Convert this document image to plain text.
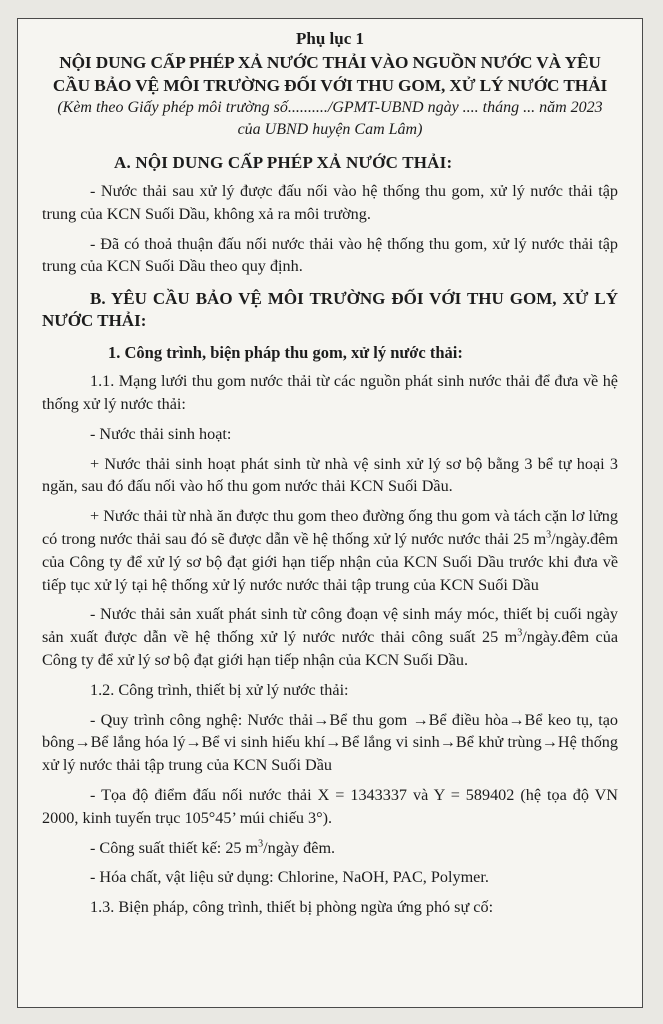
Phụ lục 1
NỘI DUNG CẤP PHÉP XẢ NƯỚC THẢI VÀO NGUỒN NƯỚC VÀ YÊU CẦU BẢO VỆ MÔI TRƯỜNG ĐỐI VỚI THU GOM, XỬ LÝ NƯỚC THẢI
(Kèm theo Giấy phép môi trường số........../GPMT-UBND ngày .... tháng ... năm 2023
của UBND huyện Cam Lâm)
A. NỘI DUNG CẤP PHÉP XẢ NƯỚC THẢI:

- Nước thải sau xử lý được đấu nối vào hệ thống thu gom, xử lý nước thải tập trung của KCN Suối Dầu, không xả ra môi trường.

- Đã có thoả thuận đấu nối nước thải vào hệ thống thu gom, xử lý nước thải tập trung của KCN Suối Dầu theo quy định.

B. YÊU CẦU BẢO VỆ MÔI TRƯỜNG ĐỐI VỚI THU GOM, XỬ LÝ NƯỚC THẢI:
1. Công trình, biện pháp thu gom, xử lý nước thải:

1.1. Mạng lưới thu gom nước thải từ các nguồn phát sinh nước thải để đưa về hệ thống xử lý nước thải:

- Nước thải sinh hoạt:

+ Nước thải sinh hoạt phát sinh từ nhà vệ sinh xử lý sơ bộ bằng 3 bể tự hoại 3 ngăn, sau đó đấu nối vào hố thu gom nước thải KCN Suối Dầu.

+ Nước thải từ nhà ăn được thu gom theo đường ống thu gom và tách cặn lơ lửng có trong nước thải sau đó sẽ được dẫn về hệ thống xử lý nước nước thải 25 $m^3/ngày.đêm$ của Công ty để xử lý sơ bộ đạt giới hạn tiếp nhận của KCN Suối Dầu trước khi đưa về tiếp tục xử lý tại hệ thống xử lý nước nước thải tập trung của KCN Suối Dầu

- Nước thải sản xuất phát sinh từ công đoạn vệ sinh máy móc, thiết bị cuối ngày sản xuất được dẫn về hệ thống xử lý nước nước thải công suất 25 $m^3/ngày.đêm$ của Công ty để xử lý sơ bộ đạt giới hạn tiếp nhận của KCN Suối Dầu.

1.2. Công trình, thiết bị xử lý nước thải:

- Quy trình công nghệ: Nước thải→Bể thu gom →Bể điều hòa→Bể keo tụ, tạo bông→Bể lắng hóa lý→Bể vi sinh hiếu khí→Bể lắng vi sinh→Bể khử trùng→Hệ thống xử lý nước thải tập trung của KCN Suối Dầu

- Tọa độ điểm đấu nối nước thải X = 1343337 và Y = 589402 (hệ tọa độ VN 2000, kinh tuyến trục 105°45’ múi chiếu 3°).

- Công suất thiết kế: 25 $m^3$/ngày đêm.

- Hóa chất, vật liệu sử dụng: Chlorine, NaOH, PAC, Polymer.

1.3. Biện pháp, công trình, thiết bị phòng ngừa ứng phó sự cố:
